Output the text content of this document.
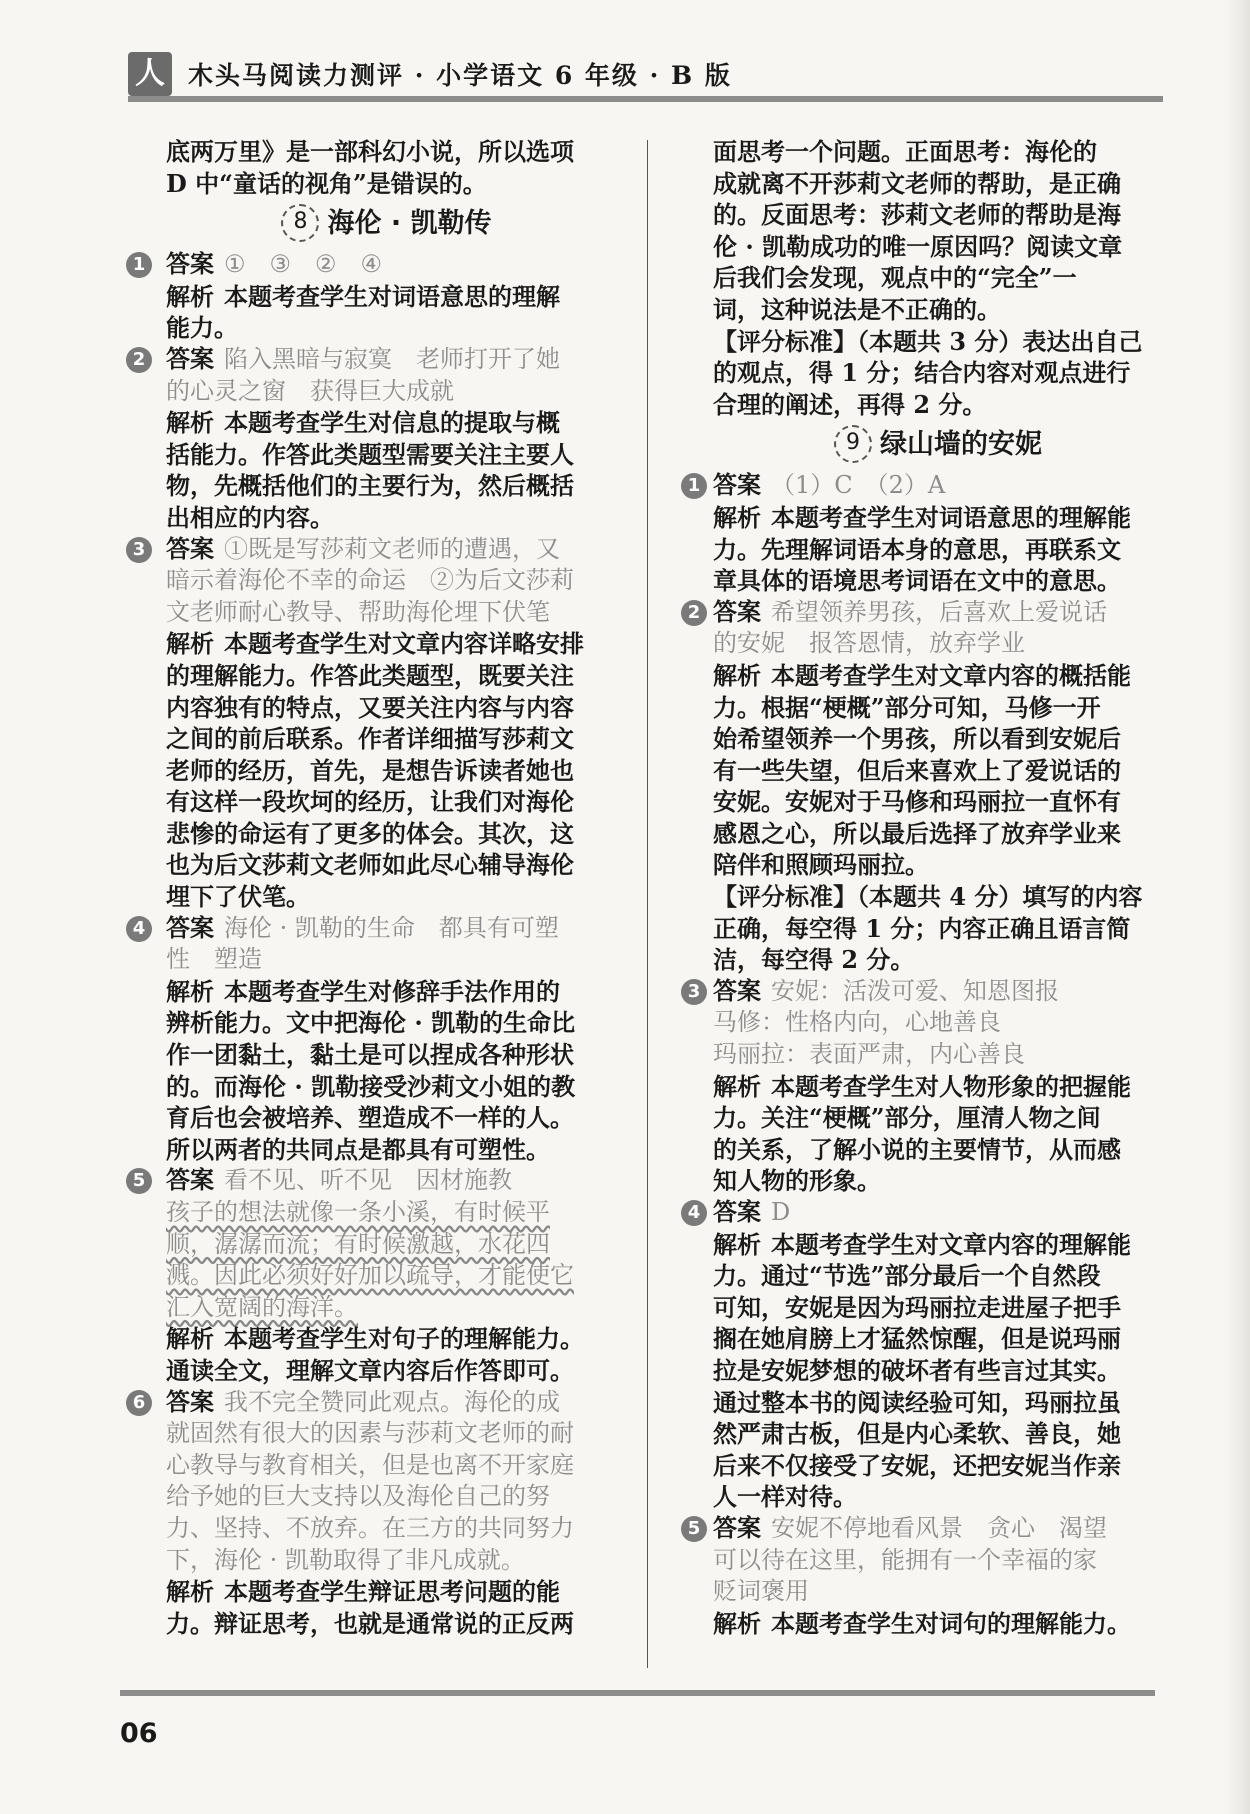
人 木头马阅读力测评 · 小学语文 6 年级 · B 版
底两万里》是一部科幻小说，所以选项
D 中“童话的视角”是错误的。
8 海伦 · 凯勒传
1 答案 ①　③　②　④
解析 本题考查学生对词语意思的理解
能力。
2 答案 陷入黑暗与寂寞　老师打开了她
的心灵之窗　获得巨大成就
解析 本题考查学生对信息的提取与概
括能力。作答此类题型需要关注主要人
物，先概括他们的主要行为，然后概括
出相应的内容。
3 答案 ①既是写莎莉文老师的遭遇，又
暗示着海伦不幸的命运　②为后文莎莉
文老师耐心教导、帮助海伦埋下伏笔
解析 本题考查学生对文章内容详略安排
的理解能力。作答此类题型，既要关注
内容独有的特点，又要关注内容与内容
之间的前后联系。作者详细描写莎莉文
老师的经历，首先，是想告诉读者她也
有这样一段坎坷的经历，让我们对海伦
悲惨的命运有了更多的体会。其次，这
也为后文莎莉文老师如此尽心辅导海伦
埋下了伏笔。
4 答案 海伦 · 凯勒的生命　都具有可塑
性　塑造
解析 本题考查学生对修辞手法作用的
辨析能力。文中把海伦 · 凯勒的生命比
作一团黏土，黏土是可以捏成各种形状
的。而海伦 · 凯勒接受沙莉文小姐的教
育后也会被培养、塑造成不一样的人。
所以两者的共同点是都具有可塑性。
5 答案 看不见、听不见　因材施教
孩子的想法就像一条小溪，有时候平
顺，潺潺而流；有时候激越，水花四
溅。因此必须好好加以疏导，才能使它
汇入宽阔的海洋。
解析 本题考查学生对句子的理解能力。
通读全文，理解文章内容后作答即可。
6 答案 我不完全赞同此观点。海伦的成
就固然有很大的因素与莎莉文老师的耐
心教导与教育相关，但是也离不开家庭
给予她的巨大支持以及海伦自己的努
力、坚持、不放弃。在三方的共同努力
下，海伦 · 凯勒取得了非凡成就。
解析 本题考查学生辩证思考问题的能
力。辩证思考，也就是通常说的正反两
面思考一个问题。正面思考：海伦的
成就离不开莎莉文老师的帮助，是正确
的。反面思考：莎莉文老师的帮助是海
伦 · 凯勒成功的唯一原因吗？阅读文章
后我们会发现，观点中的“完全”一
词，这种说法是不正确的。
【评分标准】（本题共 3 分）表达出自己
的观点，得 1 分；结合内容对观点进行
合理的阐述，再得 2 分。
9 绿山墙的安妮
1 答案 （1）C　（2）A
解析 本题考查学生对词语意思的理解能
力。先理解词语本身的意思，再联系文
章具体的语境思考词语在文中的意思。
2 答案 希望领养男孩，后喜欢上爱说话
的安妮　报答恩情，放弃学业
解析 本题考查学生对文章内容的概括能
力。根据“梗概”部分可知，马修一开
始希望领养一个男孩，所以看到安妮后
有一些失望，但后来喜欢上了爱说话的
安妮。安妮对于马修和玛丽拉一直怀有
感恩之心，所以最后选择了放弃学业来
陪伴和照顾玛丽拉。
【评分标准】（本题共 4 分）填写的内容
正确，每空得 1 分；内容正确且语言简
洁，每空得 2 分。
3 答案 安妮：活泼可爱、知恩图报
马修：性格内向，心地善良
玛丽拉：表面严肃，内心善良
解析 本题考查学生对人物形象的把握能
力。关注“梗概”部分，厘清人物之间
的关系，了解小说的主要情节，从而感
知人物的形象。
4 答案 D
解析 本题考查学生对文章内容的理解能
力。通过“节选”部分最后一个自然段
可知，安妮是因为玛丽拉走进屋子把手
搁在她肩膀上才猛然惊醒，但是说玛丽
拉是安妮梦想的破坏者有些言过其实。
通过整本书的阅读经验可知，玛丽拉虽
然严肃古板，但是内心柔软、善良，她
后来不仅接受了安妮，还把安妮当作亲
人一样对待。
5 答案 安妮不停地看风景　贪心　渴望
可以待在这里，能拥有一个幸福的家
贬词褒用
解析 本题考查学生对词句的理解能力。
06
